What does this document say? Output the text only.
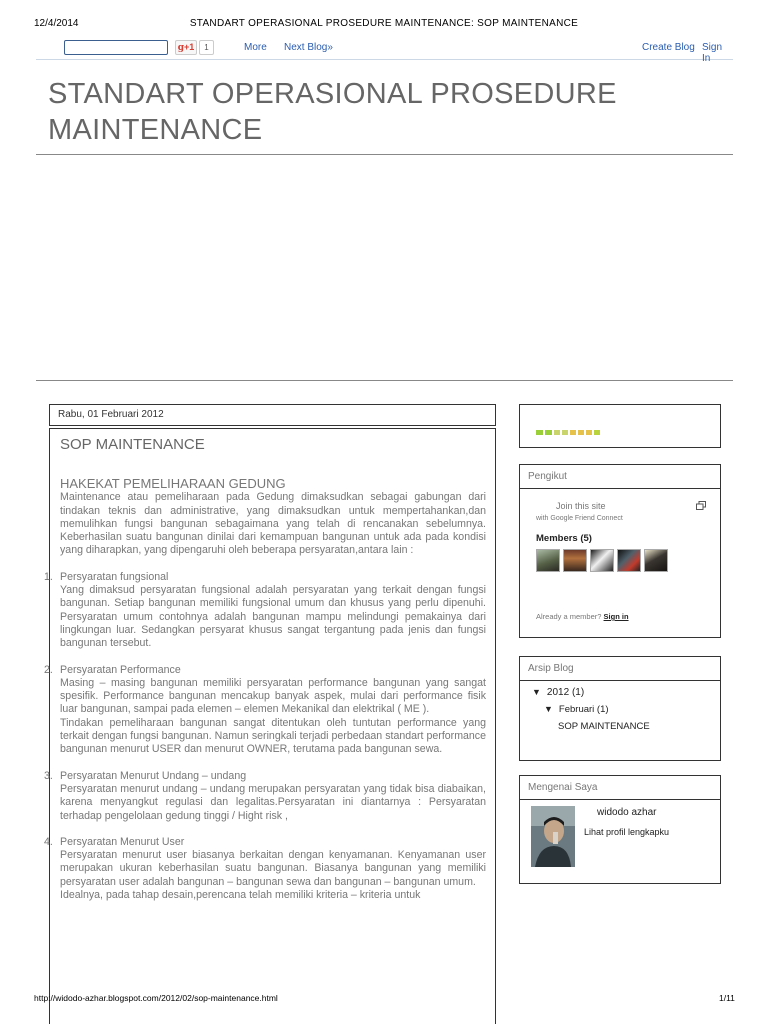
12/4/2014	STANDART OPERASIONAL PROSEDURE MAINTENANCE: SOP MAINTENANCE
g+1	1	More Next Blog»	Create Blog Sign In
STANDART OPERASIONAL PROSEDURE MAINTENANCE
Rabu, 01 Februari 2012
SOP MAINTENANCE
HAKEKAT PEMELIHARAAN GEDUNG

Maintenance atau pemeliharaan pada Gedung dimaksudkan sebagai gabungan dari tindakan teknis dan administrative, yang dimaksudkan untuk mempertahankan,dan memulihkan fungsi bangunan sebagaimana yang telah di rencanakan sebelumnya. Keberhasilan suatu bangunan dinilai dari kemampuan bangunan untuk ada pada kondisi yang diharapkan, yang dipengaruhi oleh beberapa persyaratan,antara lain :

1. Persyaratan fungsional

Yang dimaksud persyaratan fungsional adalah persyaratan yang terkait dengan fungsi bangunan. Setiap bangunan memiliki fungsional umum dan khusus yang perlu dipenuhi. Persyaratan umum contohnya adalah bangunan mampu melindungi pemakainya dari lingkungan luar. Sedangkan persyarat khusus sangat tergantung pada jenis dan fungsi bangunan tersebut.

2. Persyaratan Performance

Masing – masing bangunan memiliki persyaratan performance bangunan yang sangat spesifik. Performance bangunan mencakup banyak aspek, mulai dari performance fisik luar bangunan, sampai pada elemen – elemen Mekanikal dan elektrikal ( ME ).

Tindakan pemeliharaan bangunan sangat ditentukan oleh tuntutan performance yang terkait dengan fungsi bangunan. Namun seringkali terjadi perbedaan standart performance bangunan menurut USER dan menurut OWNER, terutama pada bangunan sewa.

3. Persyaratan Menurut Undang – undang

Persyaratan menurut undang – undang merupakan persyaratan yang tidak bisa diabaikan, karena menyangkut regulasi dan legalitas.Persyaratan ini diantarnya : Persyaratan terhadap pengelolaan gedung tinggi / Hight risk ,

4. Persyaratan Menurut User

Persyaratan menurut user biasanya berkaitan dengan kenyamanan. Kenyamanan user merupakan ukuran keberhasilan suatu bangunan. Biasanya bangunan yang memiliki persyaratan user adalah bangunan – bangunan sewa dan bangunan – bangunan umum.

Idealnya, pada tahap desain,perencana telah memiliki kriteria – kriteria untuk

Pengikut
Join this site
with Google Friend Connect
Members (5)
Already a member? Sign in
Arsip Blog
▼ 2012 (1)
▼ Februari (1)
SOP MAINTENANCE
Mengenai Saya
widodo azhar
Lihat profil lengkapku
http://widodo-azhar.blogspot.com/2012/02/sop-maintenance.html	1/11
